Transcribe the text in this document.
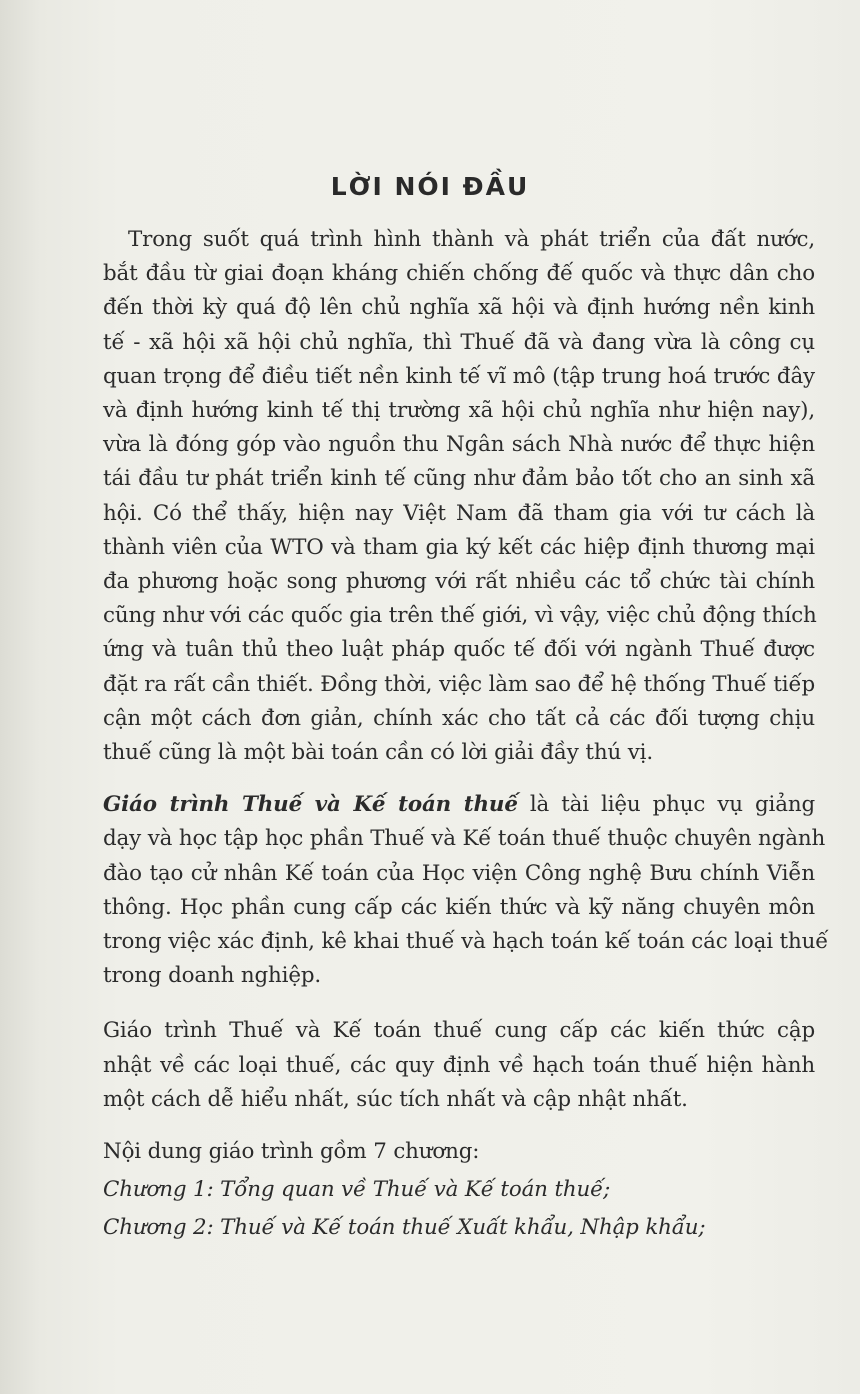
LỜI NÓI ĐẦU
Trong suốt quá trình hình thành và phát triển của đất nước,
bắt đầu từ giai đoạn kháng chiến chống đế quốc và thực dân cho
đến thời kỳ quá độ lên chủ nghĩa xã hội và định hướng nền kinh
tế - xã hội xã hội chủ nghĩa, thì Thuế đã và đang vừa là công cụ
quan trọng để điều tiết nền kinh tế vĩ mô (tập trung hoá trước đây
và định hướng kinh tế thị trường xã hội chủ nghĩa như hiện nay),
vừa là đóng góp vào nguồn thu Ngân sách Nhà nước để thực hiện
tái đầu tư phát triển kinh tế cũng như đảm bảo tốt cho an sinh xã
hội. Có thể thấy, hiện nay Việt Nam đã tham gia với tư cách là
thành viên của WTO và tham gia ký kết các hiệp định thương mại
đa phương hoặc song phương với rất nhiều các tổ chức tài chính
cũng như với các quốc gia trên thế giới, vì vậy, việc chủ động thích
ứng và tuân thủ theo luật pháp quốc tế đối với ngành Thuế được
đặt ra rất cần thiết. Đồng thời, việc làm sao để hệ thống Thuế tiếp
cận một cách đơn giản, chính xác cho tất cả các đối tượng chịu
thuế cũng là một bài toán cần có lời giải đầy thú vị.
Giáo trình Thuế và Kế toán thuế là tài liệu phục vụ giảng
dạy và học tập học phần Thuế và Kế toán thuế thuộc chuyên ngành
đào tạo cử nhân Kế toán của Học viện Công nghệ Bưu chính Viễn
thông. Học phần cung cấp các kiến thức và kỹ năng chuyên môn
trong việc xác định, kê khai thuế và hạch toán kế toán các loại thuế
trong doanh nghiệp.
Giáo trình Thuế và Kế toán thuế cung cấp các kiến thức cập
nhật về các loại thuế, các quy định về hạch toán thuế hiện hành
một cách dễ hiểu nhất, súc tích nhất và cập nhật nhất.
Nội dung giáo trình gồm 7 chương:
Chương 1: Tổng quan về Thuế và Kế toán thuế;
Chương 2: Thuế và Kế toán thuế Xuất khẩu, Nhập khẩu;
